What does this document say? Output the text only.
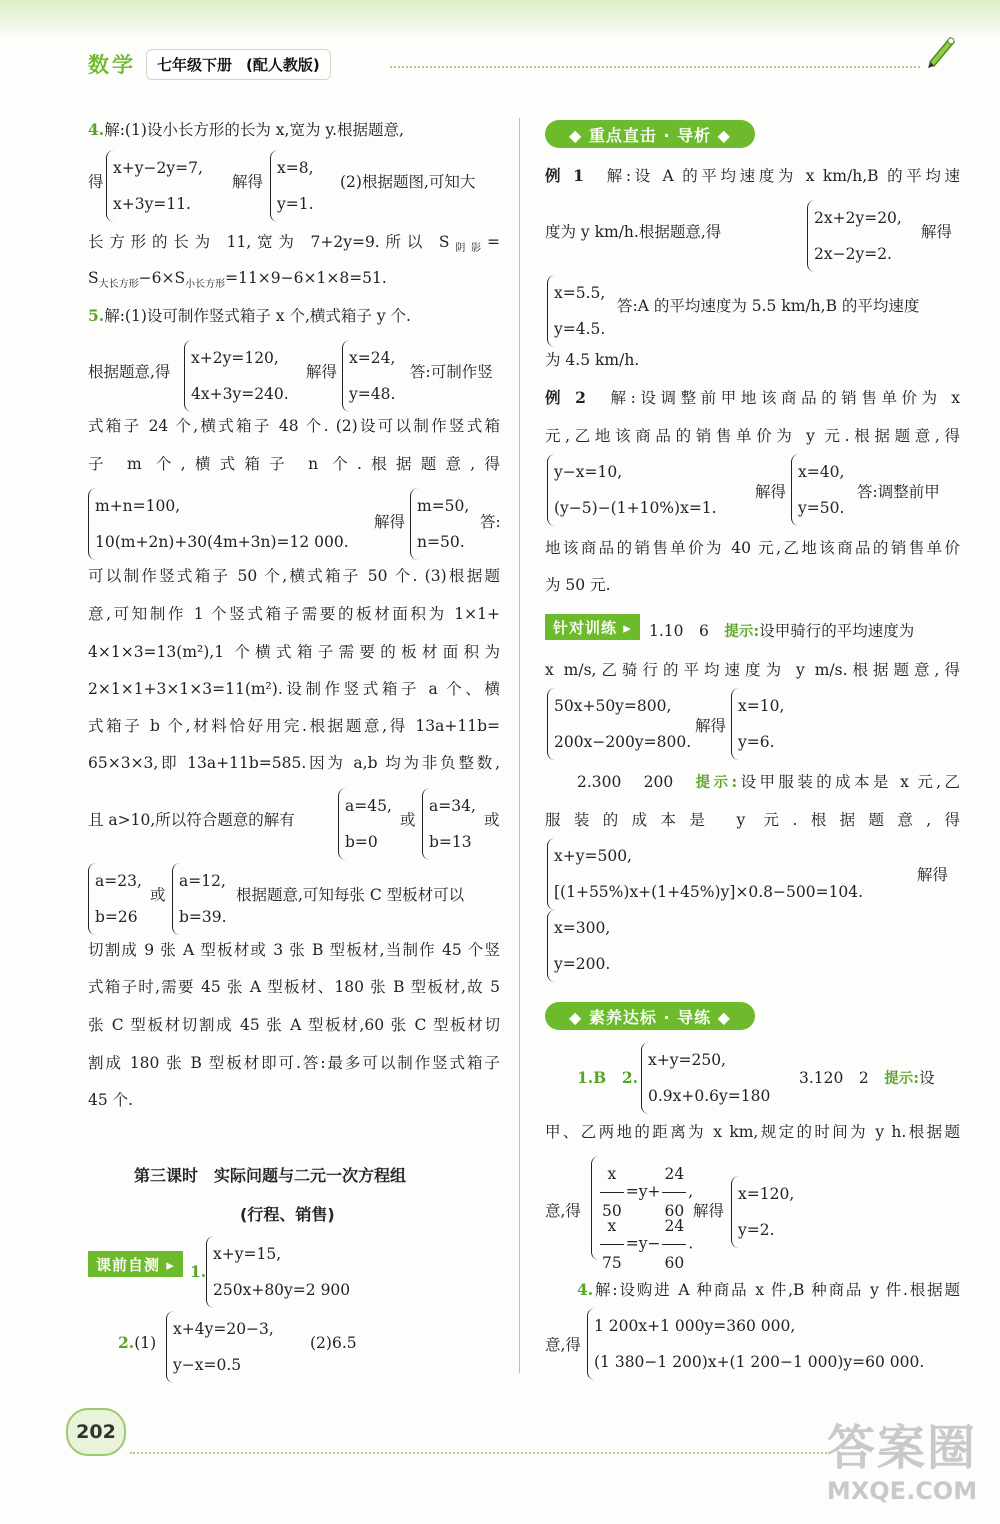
数学 七年级下册 (配人教版)
4.解:(1)设小长方形的长为 x,宽为 y.根据题意,
得
x+y−2y=7,
x+3y=11.
解得
x=8,
y=1.
(2)根据题图,可知大
长方形的长为 11,宽为 7+2y=9.所以 $S_{阴影}=$
$S_{大长方形}-6\times S_{小长方形}=11\times 9-6\times 1\times 8=51$.
5.解:(1)设可制作竖式箱子 x 个,横式箱子 y 个.
根据题意,得
x+2y=120,
4x+3y=240.
解得
x=24,
y=48.
答:可制作竖
式箱子 24 个,横式箱子 48 个. (2)设可以制作竖式箱
子 m 个,横式箱子 n 个.根据题意,得
m+n=100,
10(m+2n)+30(4m+3n)=12 000.
解得
m=50,
n=50.
答:
可以制作竖式箱子 50 个,横式箱子 50 个. (3)根据题
意,可知制作 1 个竖式箱子需要的板材面积为 1×1+
4×1×3=13(m²),1 个横式箱子需要的板材面积为
2×1×1+3×1×3=11(m²).设制作竖式箱子 a 个、横
式箱子 b 个,材料恰好用完.根据题意,得 13a+11b=
65×3×3,即 13a+11b=585.因为 a,b 均为非负整数,
且 a>10,所以符合题意的解有
a=45,
b=0
或
a=34,
b=13
或
a=23,
b=26
或
a=12,
b=39.
根据题意,可知每张 C 型板材可以
切割成 9 张 A 型板材或 3 张 B 型板材,当制作 45 个竖
式箱子时,需要 45 张 A 型板材、180 张 B 型板材,故 5
张 C 型板材切割成 45 张 A 型板材,60 张 C 型板材切
割成 180 张 B 型板材即可.答:最多可以制作竖式箱子
45 个.
第三课时　实际问题与二元一次方程组
(行程、销售)
课前自测 ▸ 1.
x+y=15,
250x+80y=2 900
2.(1)
x+4y=20−3,
y−x=0.5
(2)6.5
◆ 重点直击 · 导析 ◆
例 1　 解:设 A 的平均速度为 x km/h,B 的平均速
度为 y km/h.根据题意,得
2x+2y=20,
2x−2y=2.
解得
x=5.5,
y=4.5.
答:A 的平均速度为 5.5 km/h,B 的平均速度
为 4.5 km/h.
例 2　 解:设调整前甲地该商品的销售单价为 x
元,乙地该商品的销售单价为 y 元.根据题意,得
y−x=10,
(y−5)−(1+10%)x=1.
解得
x=40,
y=50.
答:调整前甲
地该商品的销售单价为 40 元,乙地该商品的销售单价
为 50 元.
针对训练 ▸	1.10　6　 提示:设甲骑行的平均速度为
x m/s,乙骑行的平均速度为 y m/s.根据题意,得
50x+50y=800,
200x−200y=800.
解得
x=10,
y=6.
2.300　200　 提示:设甲服装的成本是 x 元,乙
服装的成本是 y 元.根据题意,得
x+y=500,
[(1+55%)x+(1+45%)y]×0.8−500=104.
解得
x=300,
y=200.
◆ 素养达标 · 导练 ◆
1.B　 2.
x+y=250,
0.9x+0.6y=180
3.120　2　 提示:设
甲、乙两地的距离为 x km,规定的时间为 y h.根据题
意,得 $\frac{x}{50} =y+ \frac{24}{60}$ ,
$\frac{x}{75} =y- \frac{24}{60}$ .
解得
x=120,
y=2.
4.解:设购进 A 种商品 x 件,B 种商品 y 件.根据题
意,得
1 200x+1 000y=360 000,
(1 380−1 200)x+(1 200−1 000)y=60 000.
202	答案圈
MXQE.COM
